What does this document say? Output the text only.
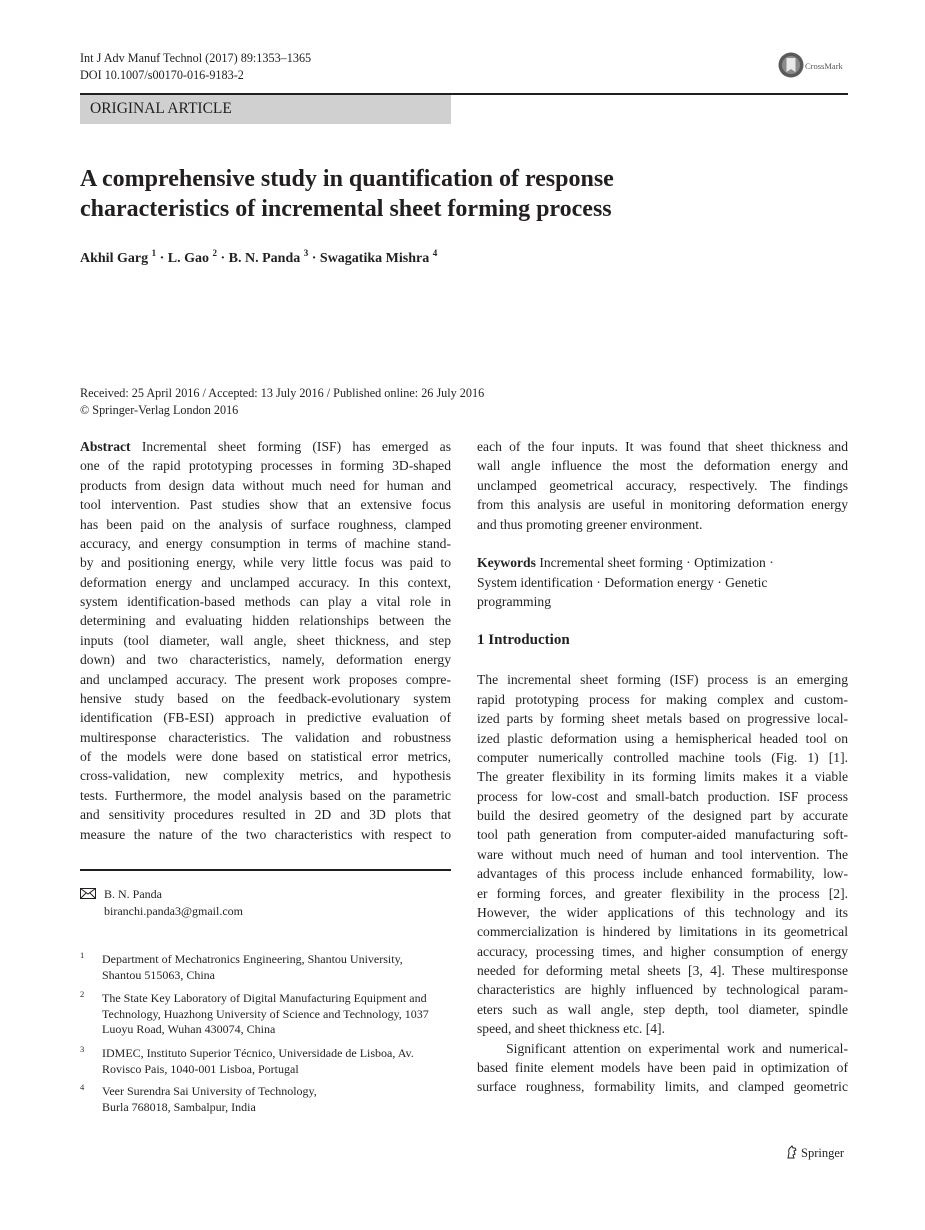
Int J Adv Manuf Technol (2017) 89:1353–1365
DOI 10.1007/s00170-016-9183-2
CrossMark
ORIGINAL ARTICLE
A comprehensive study in quantification of response
characteristics of incremental sheet forming process
Akhil Garg $^1$ · L. Gao $^2$ · B. N. Panda $^3$ · Swagatika Mishra $^4$
Received: 25 April 2016 / Accepted: 13 July 2016 / Published online: 26 July 2016
© Springer-Verlag London 2016
Abstract Incremental sheet forming (ISF) has emerged as
one of the rapid prototyping processes in forming 3D-shaped
products from design data without much need for human and
tool intervention. Past studies show that an extensive focus
has been paid on the analysis of surface roughness, clamped
accuracy, and energy consumption in terms of machine stand-
by and positioning energy, while very little focus was paid to
deformation energy and unclamped accuracy. In this context,
system identification-based methods can play a vital role in
determining and evaluating hidden relationships between the
inputs (tool diameter, wall angle, sheet thickness, and step
down) and two characteristics, namely, deformation energy
and unclamped accuracy. The present work proposes compre-
hensive study based on the feedback-evolutionary system
identification (FB-ESI) approach in predictive evaluation of
multiresponse characteristics. The validation and robustness
of the models were done based on statistical error metrics,
cross-validation, new complexity metrics, and hypothesis
tests. Furthermore, the model analysis based on the parametric
and sensitivity procedures resulted in 2D and 3D plots that
measure the nature of the two characteristics with respect to
B. N. Panda
biranchi.panda3@gmail.com
1 Department of Mechatronics Engineering, Shantou University,
Shantou 515063, China
2 The State Key Laboratory of Digital Manufacturing Equipment and
Technology, Huazhong University of Science and Technology, 1037
Luoyu Road, Wuhan 430074, China
3 IDMEC, Instituto Superior Técnico, Universidade de Lisboa, Av.
Rovisco Pais, 1040-001 Lisboa, Portugal
4 Veer Surendra Sai University of Technology,
Burla 768018, Sambalpur, India
each of the four inputs. It was found that sheet thickness and
wall angle influence the most the deformation energy and
unclamped geometrical accuracy, respectively. The findings
from this analysis are useful in monitoring deformation energy
and thus promoting greener environment.
Keywords Incremental sheet forming · Optimization ·
System identification · Deformation energy · Genetic
programming
1 Introduction
The incremental sheet forming (ISF) process is an emerging
rapid prototyping process for making complex and custom-
ized parts by forming sheet metals based on progressive local-
ized plastic deformation using a hemispherical headed tool on
computer numerically controlled machine tools (Fig. 1) [1].
The greater flexibility in its forming limits makes it a viable
process for low-cost and small-batch production. ISF process
build the desired geometry of the designed part by accurate
tool path generation from computer-aided manufacturing soft-
ware without much need of human and tool intervention. The
advantages of this process include enhanced formability, low-
er forming forces, and greater flexibility in the process [2].
However, the wider applications of this technology and its
commercialization is hindered by limitations in its geometrical
accuracy, processing times, and higher consumption of energy
needed for deforming metal sheets [3, 4]. These multiresponse
characteristics are highly influenced by technological param-
eters such as wall angle, step depth, tool diameter, spindle
speed, and sheet thickness etc. [4].
Significant attention on experimental work and numerical-
based finite element models have been paid in optimization of
surface roughness, formability limits, and clamped geometric
Springer
